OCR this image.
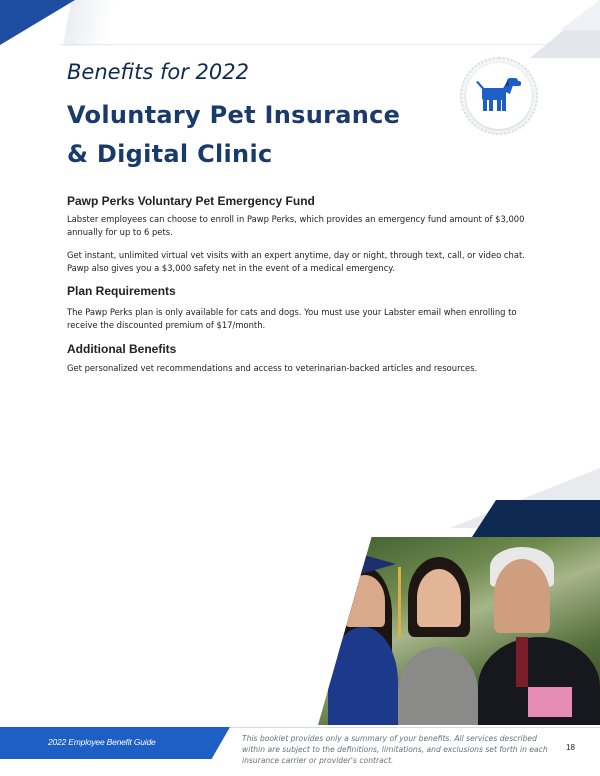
Benefits for 2022
Voluntary Pet Insurance & Digital Clinic
Pawp Perks Voluntary Pet Emergency Fund
Labster employees can choose to enroll in Pawp Perks, which provides an emergency fund amount of $3,000 annually for up to 6 pets.
Get instant, unlimited virtual vet visits with an expert anytime, day or night, through text, call, or video chat. Pawp also gives you a $3,000 safety net in the event of a medical emergency.
Plan Requirements
The Pawp Perks plan is only available for cats and dogs. You must use your Labster email when enrolling to receive the discounted premium of $17/month.
Additional Benefits
Get personalized vet recommendations and access to veterinarian-backed articles and resources.
2022 Employee Benefit Guide	This booklet provides only a summary of your benefits. All services described within are subject to the definitions, limitations, and exclusions set forth in each insurance carrier or provider's contract.
18
